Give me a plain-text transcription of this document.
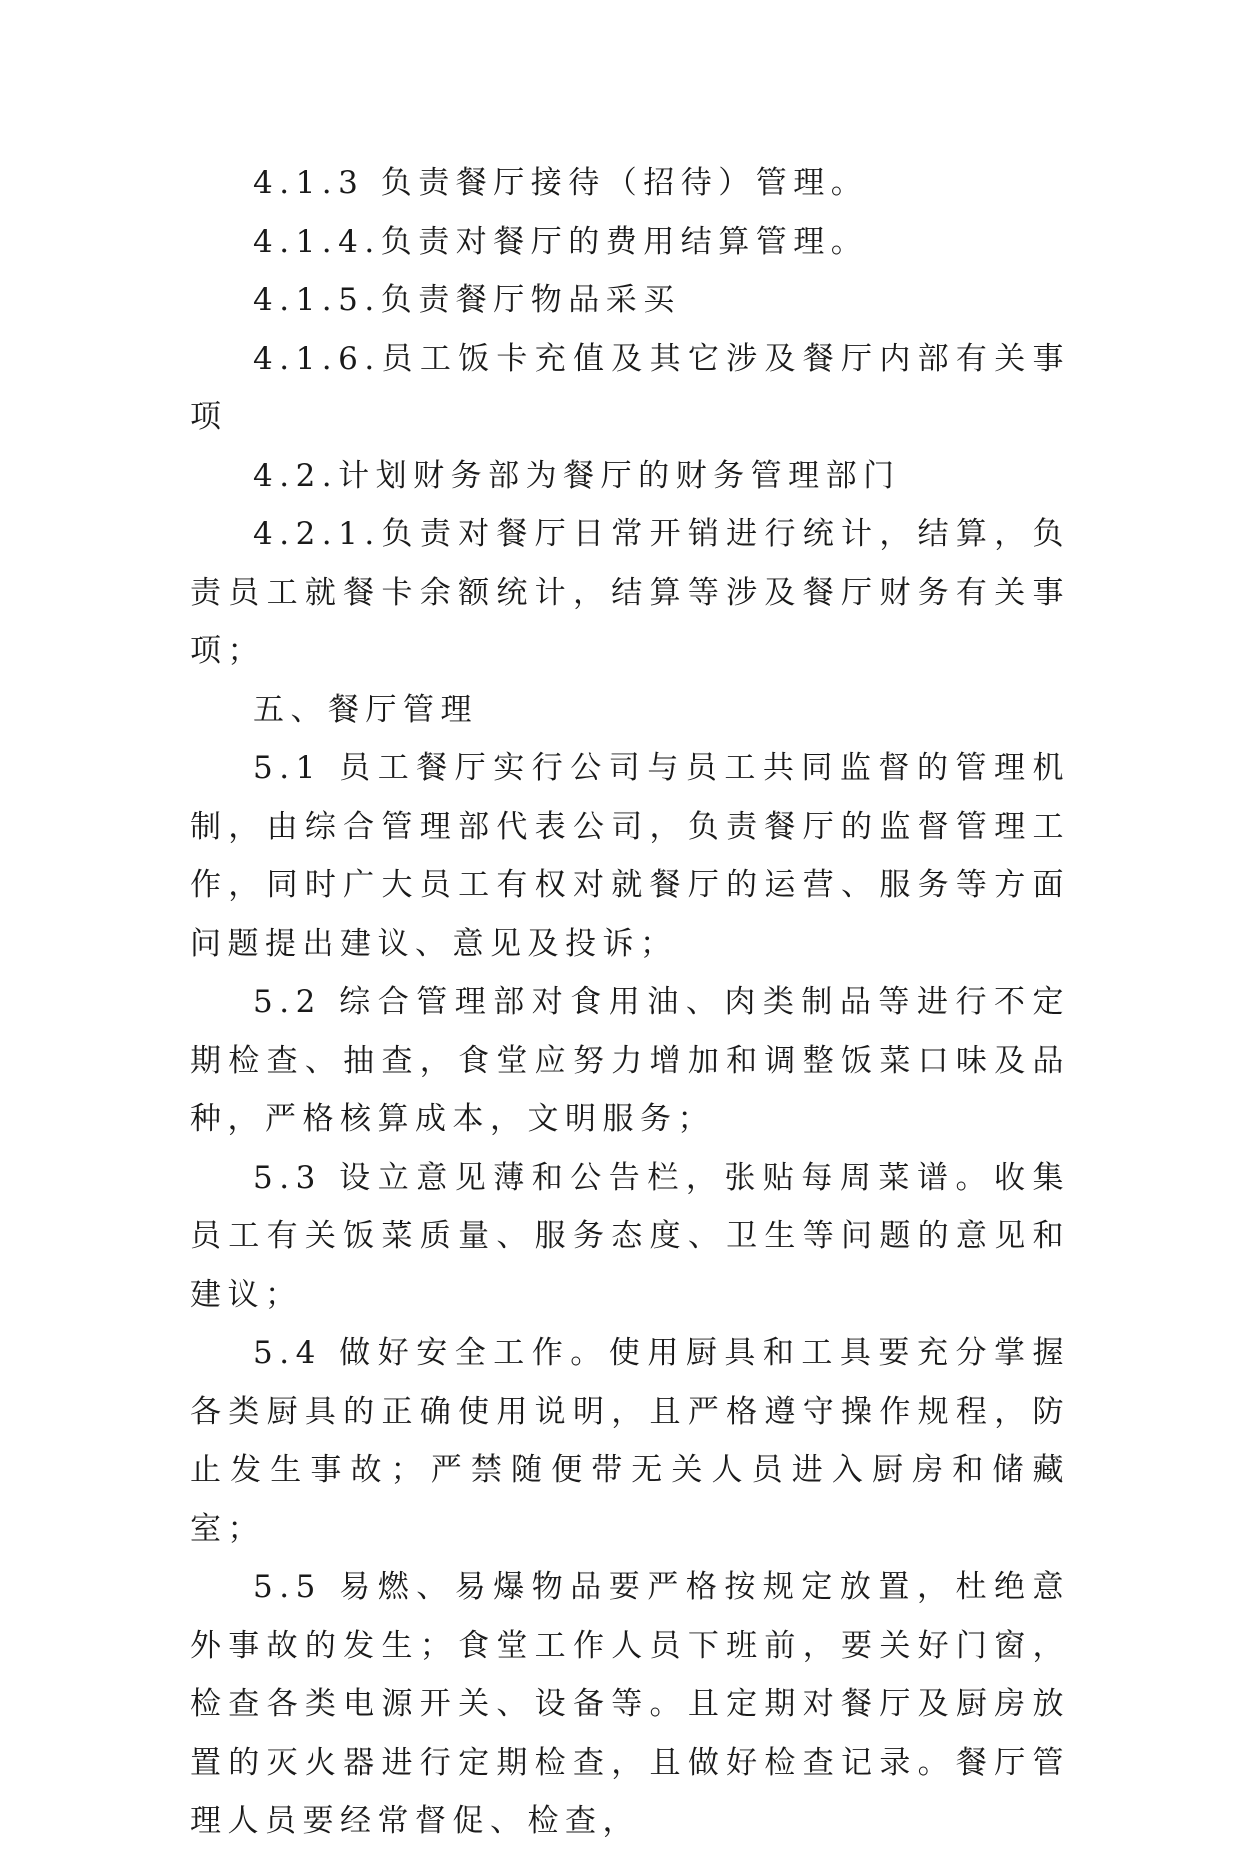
4.1.3 负责餐厅接待（招待）管理。

4.1.4.负责对餐厅的费用结算管理。

4.1.5.负责餐厅物品采买

4.1.6.员工饭卡充值及其它涉及餐厅内部有关事项

4.2.计划财务部为餐厅的财务管理部门

4.2.1.负责对餐厅日常开销进行统计，结算，负责员工就餐卡余额统计，结算等涉及餐厅财务有关事项；

五、餐厅管理

5.1 员工餐厅实行公司与员工共同监督的管理机制，由综合管理部代表公司，负责餐厅的监督管理工作，同时广大员工有权对就餐厅的运营、服务等方面问题提出建议、意见及投诉；

5.2 综合管理部对食用油、肉类制品等进行不定期检查、抽查，食堂应努力增加和调整饭菜口味及品种，严格核算成本，文明服务；

5.3 设立意见薄和公告栏，张贴每周菜谱。收集员工有关饭菜质量、服务态度、卫生等问题的意见和建议；

5.4 做好安全工作。使用厨具和工具要充分掌握各类厨具的正确使用说明，且严格遵守操作规程，防止发生事故；严禁随便带无关人员进入厨房和储藏室；

5.5 易燃、易爆物品要严格按规定放置，杜绝意外事故的发生；食堂工作人员下班前，要关好门窗，检查各类电源开关、设备等。且定期对餐厅及厨房放置的灭火器进行定期检查，且做好检查记录。餐厅管理人员要经常督促、检查，
